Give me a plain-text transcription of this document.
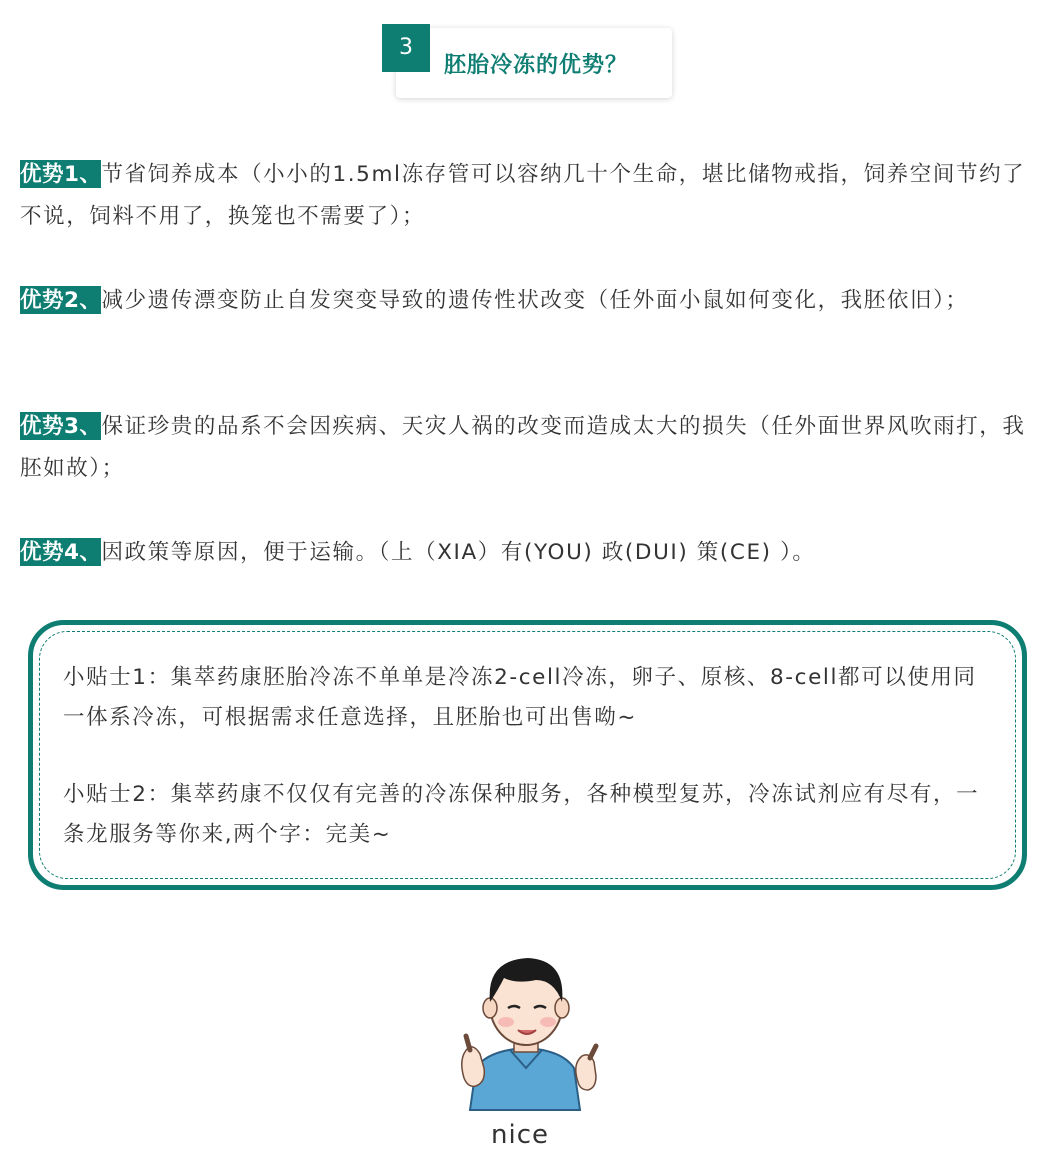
3
胚胎冷冻的优势？
优势1、节省饲养成本（小小的1.5ml冻存管可以容纳几十个生命，堪比储物戒指，饲养空间节约了不说，饲料不用了，换笼也不需要了）；
优势2、减少遗传漂变防止自发突变导致的遗传性状改变（任外面小鼠如何变化，我胚依旧）；
优势3、保证珍贵的品系不会因疾病、天灾人祸的改变而造成太大的损失（任外面世界风吹雨打，我胚如故）；
优势4、因政策等原因，便于运输。（上（XIA）有(YOU) 政(DUI) 策(CE) ）。
小贴士1：集萃药康胚胎冷冻不单单是冷冻2-cell冷冻，卵子、原核、8-cell都可以使用同一体系冷冻，可根据需求任意选择，且胚胎也可出售呦~
小贴士2：集萃药康不仅仅有完善的冷冻保种服务，各种模型复苏，冷冻试剂应有尽有，一条龙服务等你来,两个字：完美~
nice
